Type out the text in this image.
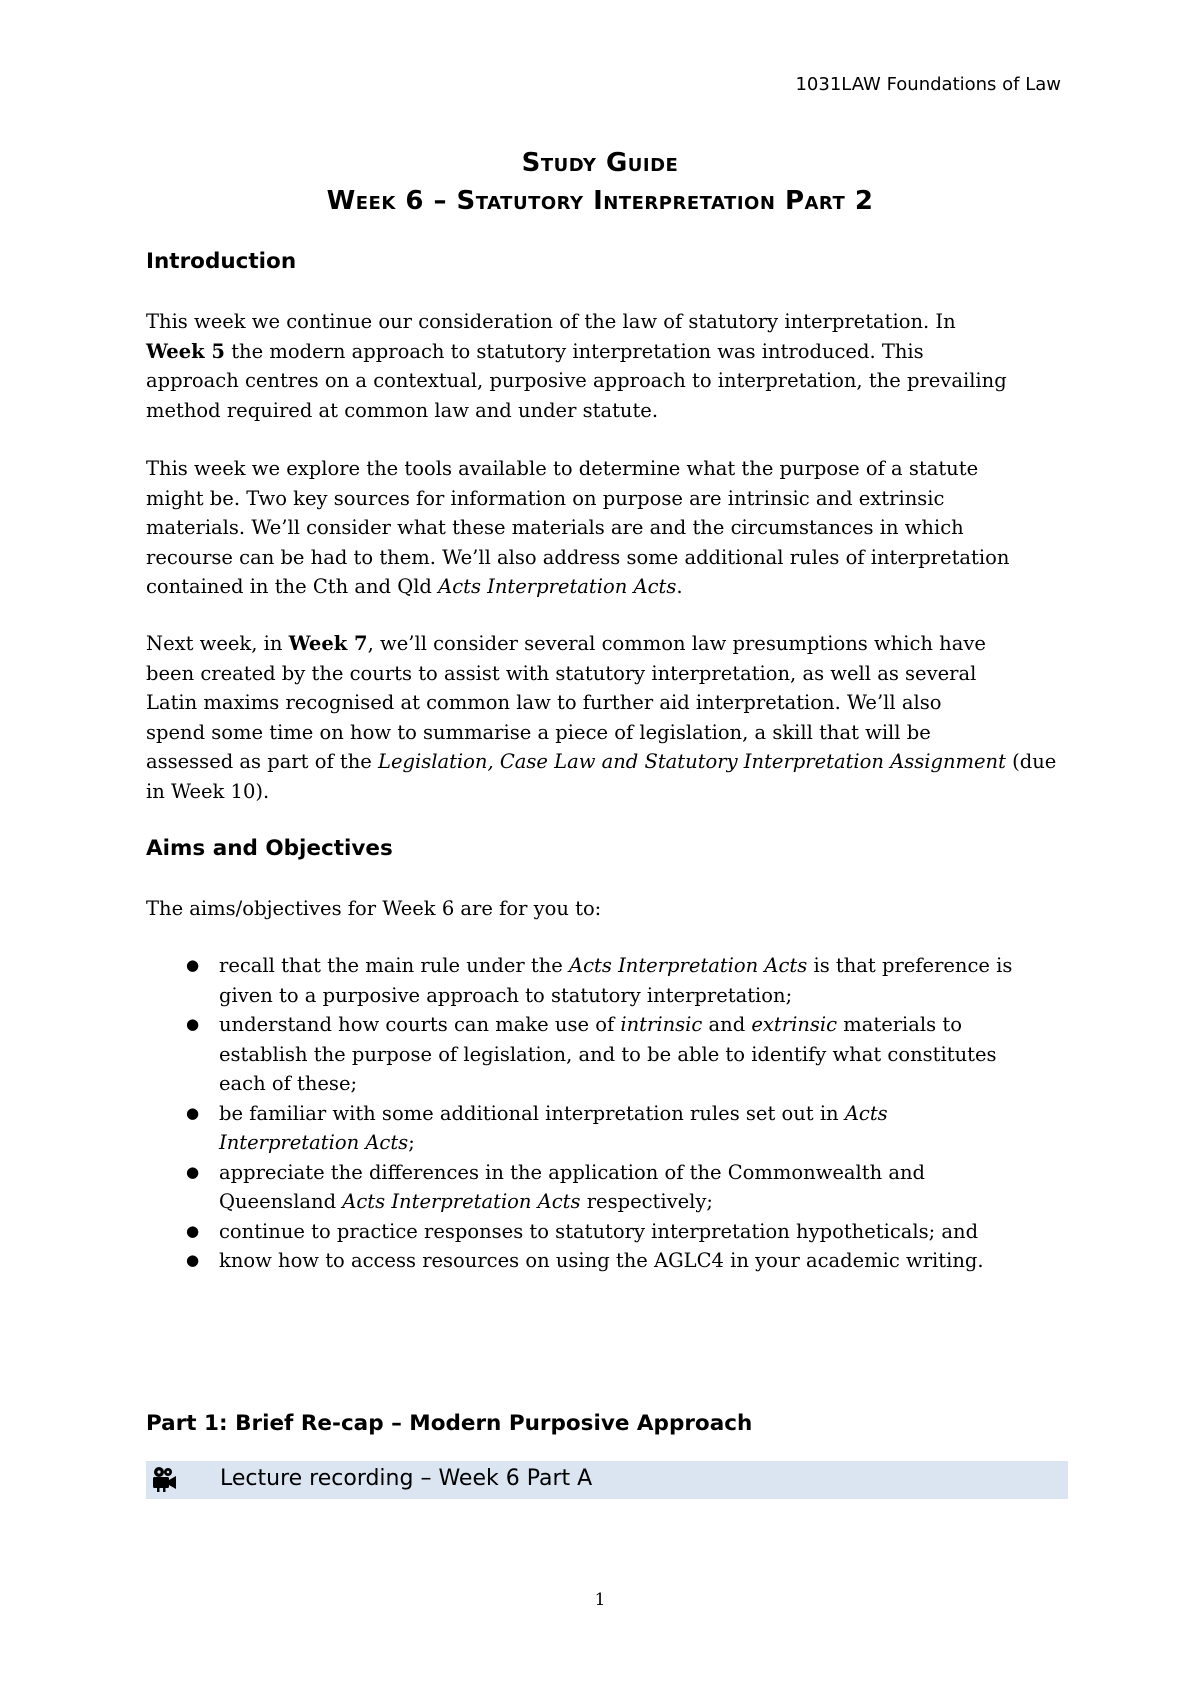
1031LAW Foundations of Law
Study Guide
Week 6 – Statutory Interpretation Part 2
Introduction
This week we continue our consideration of the law of statutory interpretation. In
Week 5 the modern approach to statutory interpretation was introduced. This
approach centres on a contextual, purposive approach to interpretation, the prevailing
method required at common law and under statute.
This week we explore the tools available to determine what the purpose of a statute
might be. Two key sources for information on purpose are intrinsic and extrinsic
materials. We’ll consider what these materials are and the circumstances in which
recourse can be had to them. We’ll also address some additional rules of interpretation
contained in the Cth and Qld Acts Interpretation Acts.
Next week, in Week 7, we’ll consider several common law presumptions which have
been created by the courts to assist with statutory interpretation, as well as several
Latin maxims recognised at common law to further aid interpretation. We’ll also
spend some time on how to summarise a piece of legislation, a skill that will be
assessed as part of the Legislation, Case Law and Statutory Interpretation Assignment (due
in Week 10).
Aims and Objectives
The aims/objectives for Week 6 are for you to:
● recall that the main rule under the Acts Interpretation Acts is that preference is
given to a purposive approach to statutory interpretation;
● understand how courts can make use of intrinsic and extrinsic materials to
establish the purpose of legislation, and to be able to identify what constitutes
each of these;
● be familiar with some additional interpretation rules set out in Acts
Interpretation Acts;
● appreciate the differences in the application of the Commonwealth and
Queensland Acts Interpretation Acts respectively;
● continue to practice responses to statutory interpretation hypotheticals; and
● know how to access resources on using the AGLC4 in your academic writing.
Part 1: Brief Re-cap – Modern Purposive Approach
Lecture recording – Week 6 Part A
1
